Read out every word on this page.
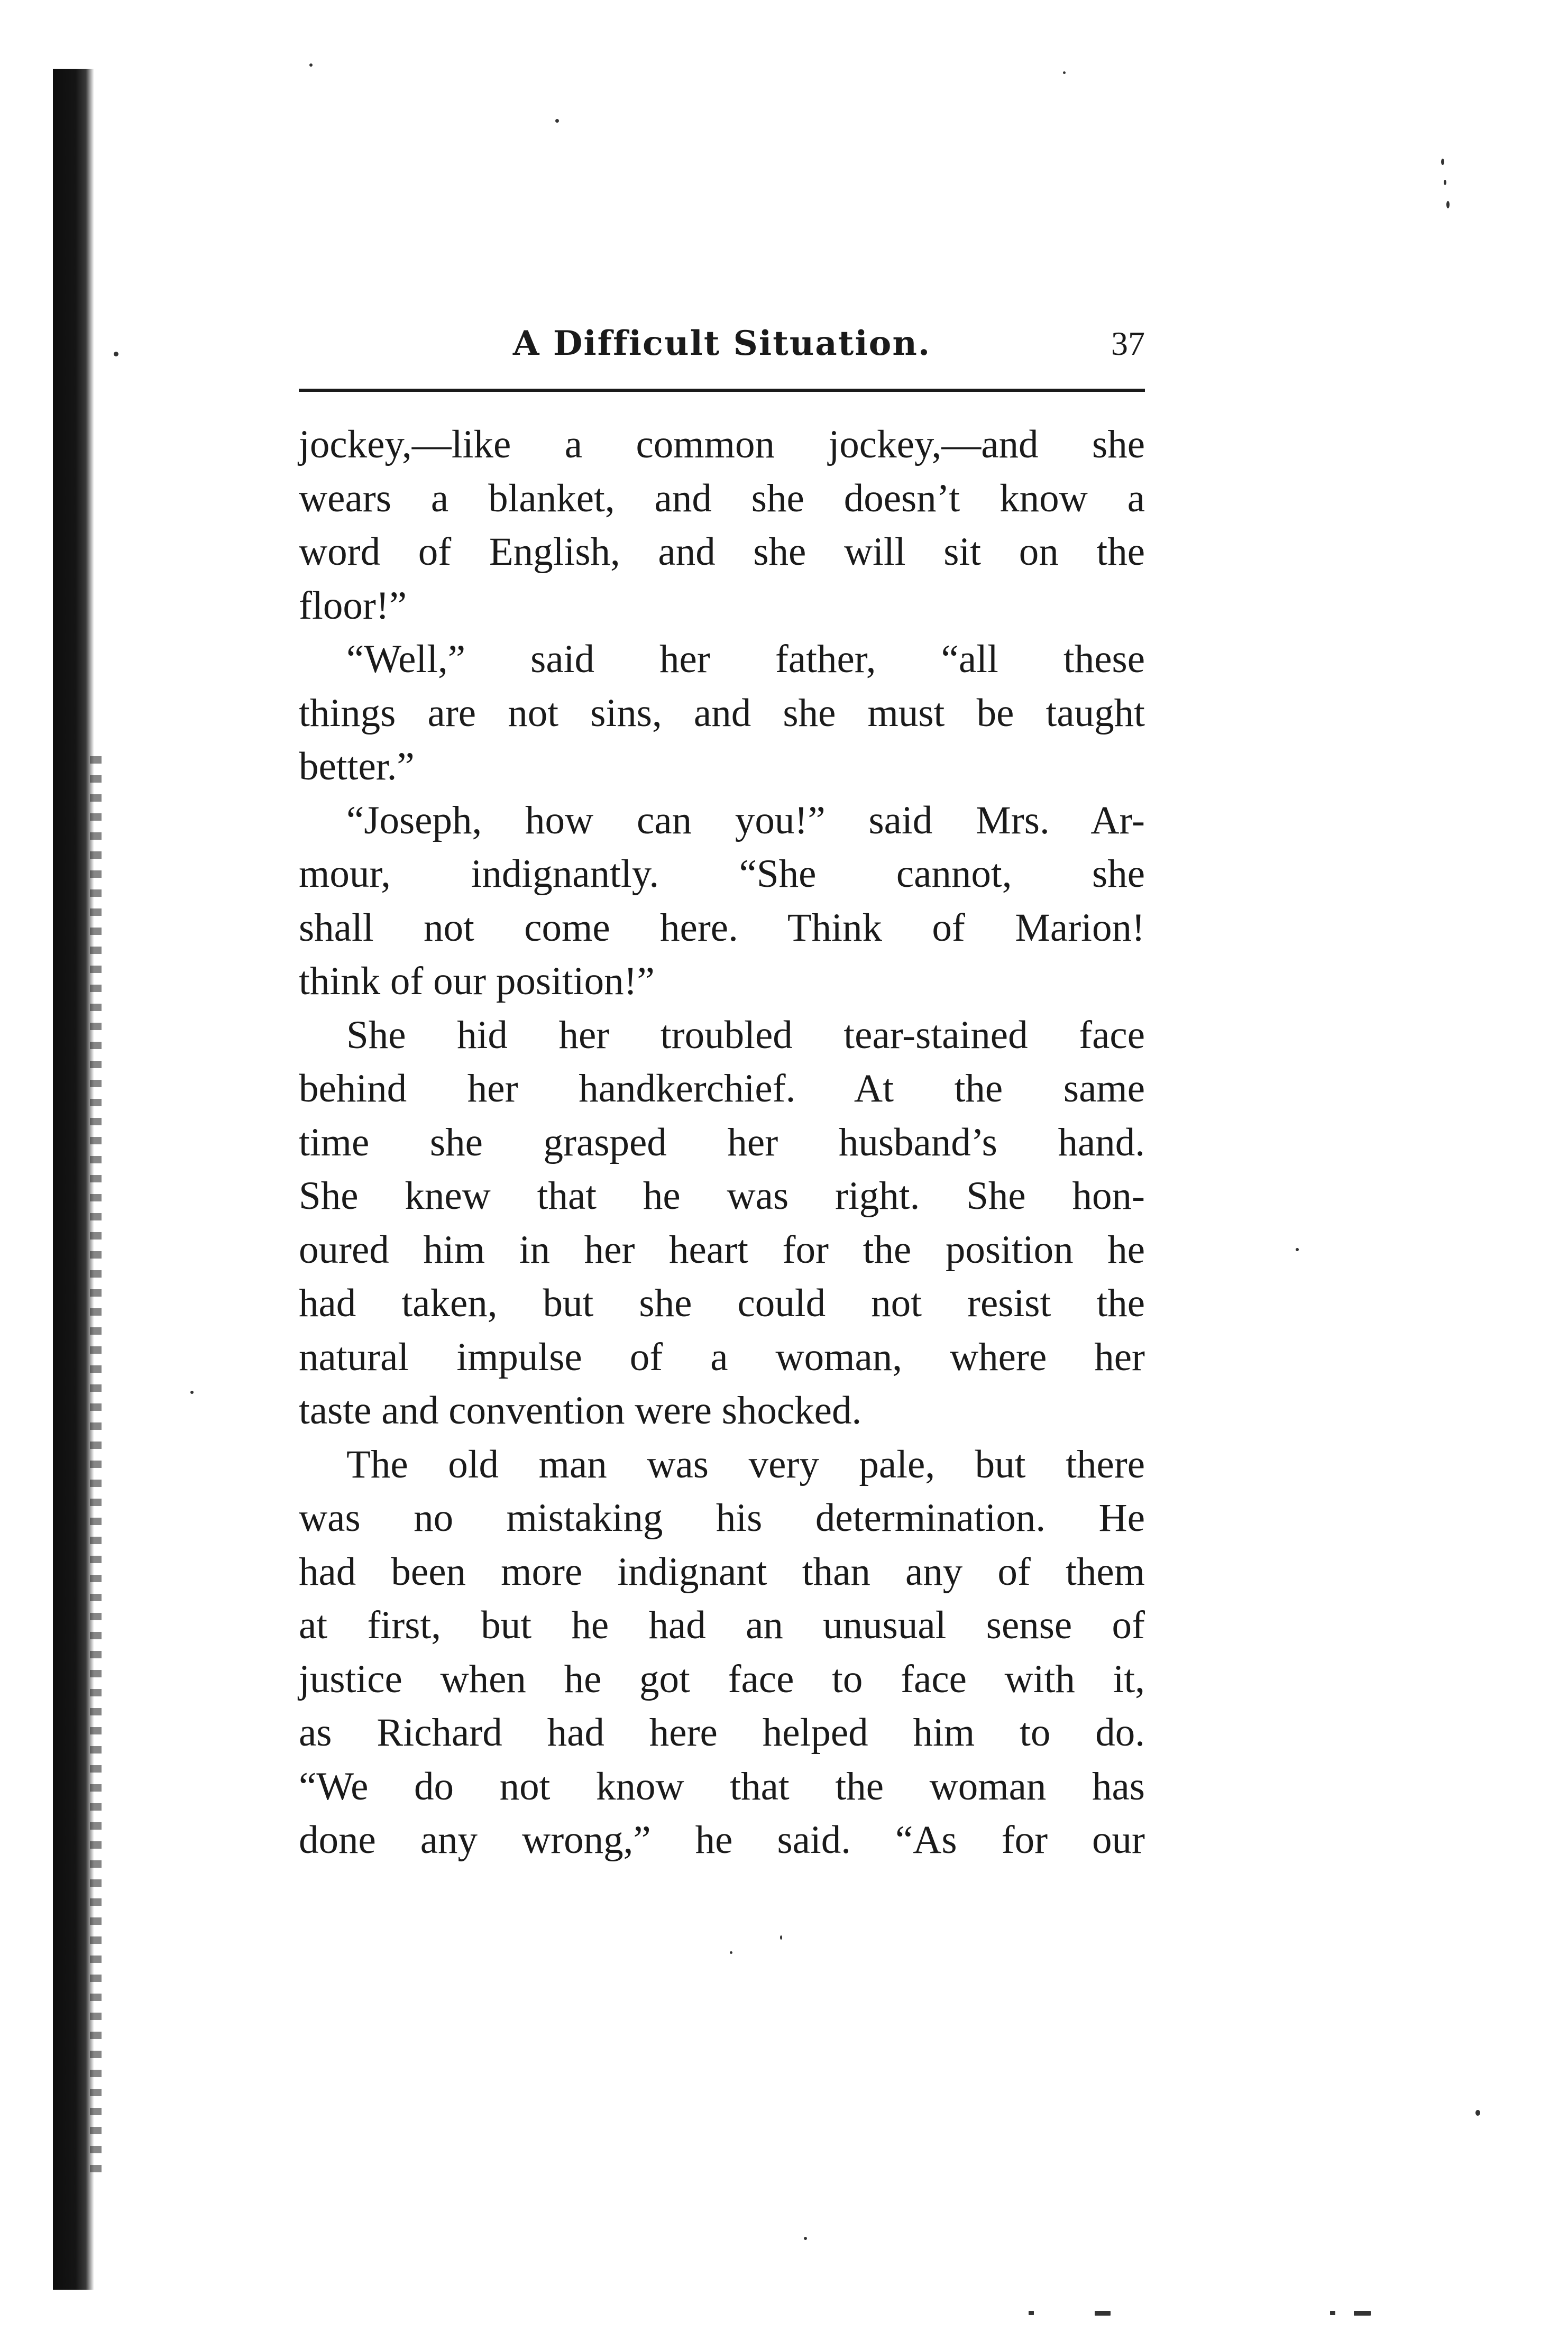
A Difficult Situation.	37
jockey,—like a common jockey,—and she
wears a blanket, and she doesn’t know a
word of English, and she will sit on the
floor!”
“Well,” said her father, “all these
things are not sins, and she must be taught
better.”
“Joseph, how can you!” said Mrs. Ar-
mour, indignantly. “She cannot, she
shall not come here. Think of Marion!
think of our position!”
She hid her troubled tear-stained face
behind her handkerchief. At the same
time she grasped her husband’s hand.
She knew that he was right. She hon-
oured him in her heart for the position he
had taken, but she could not resist the
natural impulse of a woman, where her
taste and convention were shocked.
The old man was very pale, but there
was no mistaking his determination. He
had been more indignant than any of them
at first, but he had an unusual sense of
justice when he got face to face with it,
as Richard had here helped him to do.
“We do not know that the woman has
done any wrong,” he said. “As for our
